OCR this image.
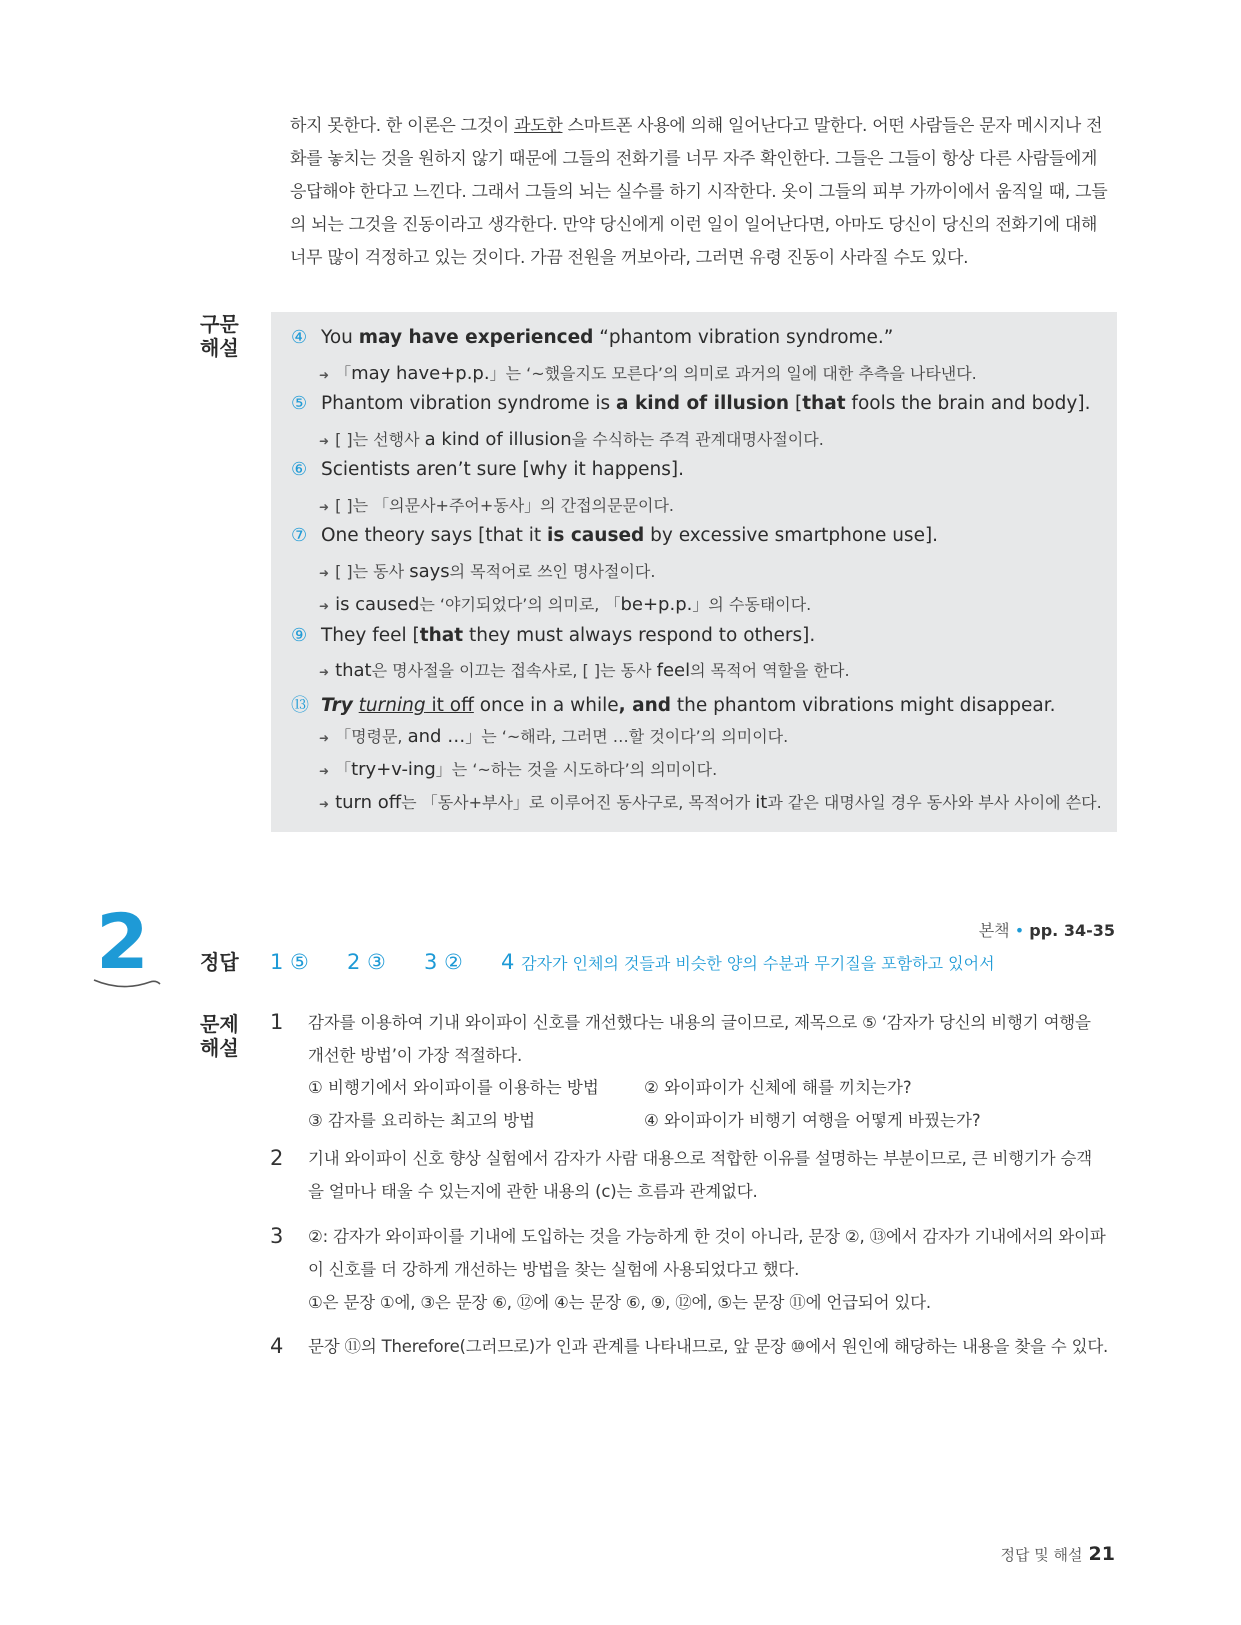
하지 못한다. 한 이론은 그것이 과도한 스마트폰 사용에 의해 일어난다고 말한다. 어떤 사람들은 문자 메시지나 전

화를 놓치는 것을 원하지 않기 때문에 그들의 전화기를 너무 자주 확인한다. 그들은 그들이 항상 다른 사람들에게

응답해야 한다고 느낀다. 그래서 그들의 뇌는 실수를 하기 시작한다. 옷이 그들의 피부 가까이에서 움직일 때, 그들

의 뇌는 그것을 진동이라고 생각한다. 만약 당신에게 이런 일이 일어난다면, 아마도 당신이 당신의 전화기에 대해

너무 많이 걱정하고 있는 것이다. 가끔 전원을 꺼보아라, 그러면 유령 진동이 사라질 수도 있다.

구문
해설	④ You may have experienced “phantom vibration syndrome.”
➜ 「may have+p.p.」는 ‘~했을지도 모른다’의 의미로 과거의 일에 대한 추측을 나타낸다.
⑤ Phantom vibration syndrome is a kind of illusion [that fools the brain and body].
➜ [ ]는 선행사 a kind of illusion을 수식하는 주격 관계대명사절이다.
⑥ Scientists aren’t sure [why it happens].
➜ [ ]는 「의문사+주어+동사」의 간접의문문이다.
⑦ One theory says [that it is caused by excessive smartphone use].
➜ [ ]는 동사 says의 목적어로 쓰인 명사절이다.
➜ is caused는 ‘야기되었다’의 의미로, 「be+p.p.」의 수동태이다.
⑨ They feel [that they must always respond to others].
➜ that은 명사절을 이끄는 접속사로, [ ]는 동사 feel의 목적어 역할을 한다.
⑬ Try turning it off once in a while, and the phantom vibrations might disappear.
➜ 「명령문, and …」는 ‘~해라, 그러면 …할 것이다’의 의미이다.
➜ 「try+v-ing」는 ‘~하는 것을 시도하다’의 의미이다.
➜ turn off는 「동사+부사」로 이루어진 동사구로, 목적어가 it과 같은 대명사일 경우 동사와 부사 사이에 쓴다.
2	본책 • pp. 34-35
정답 1 ⑤ 2 ③ 3 ② 4 감자가 인체의 것들과 비슷한 양의 수분과 무기질을 포함하고 있어서
문제
해설
1 감자를 이용하여 기내 와이파이 신호를 개선했다는 내용의 글이므로, 제목으로 ⑤ ‘감자가 당신의 비행기 여행을
개선한 방법’이 가장 적절하다.
① 비행기에서 와이파이를 이용하는 방법	② 와이파이가 신체에 해를 끼치는가?
③ 감자를 요리하는 최고의 방법	④ 와이파이가 비행기 여행을 어떻게 바꿨는가?
2 기내 와이파이 신호 향상 실험에서 감자가 사람 대용으로 적합한 이유를 설명하는 부분이므로, 큰 비행기가 승객
을 얼마나 태울 수 있는지에 관한 내용의 (c)는 흐름과 관계없다.
3 ②: 감자가 와이파이를 기내에 도입하는 것을 가능하게 한 것이 아니라, 문장 ②, ⑬에서 감자가 기내에서의 와이파
이 신호를 더 강하게 개선하는 방법을 찾는 실험에 사용되었다고 했다.
①은 문장 ①에, ③은 문장 ⑥, ⑫에 ④는 문장 ⑥, ⑨, ⑫에, ⑤는 문장 ⑪에 언급되어 있다.
4 문장 ⑪의 Therefore(그러므로)가 인과 관계를 나타내므로, 앞 문장 ⑩에서 원인에 해당하는 내용을 찾을 수 있다.
정답 및 해설 21
